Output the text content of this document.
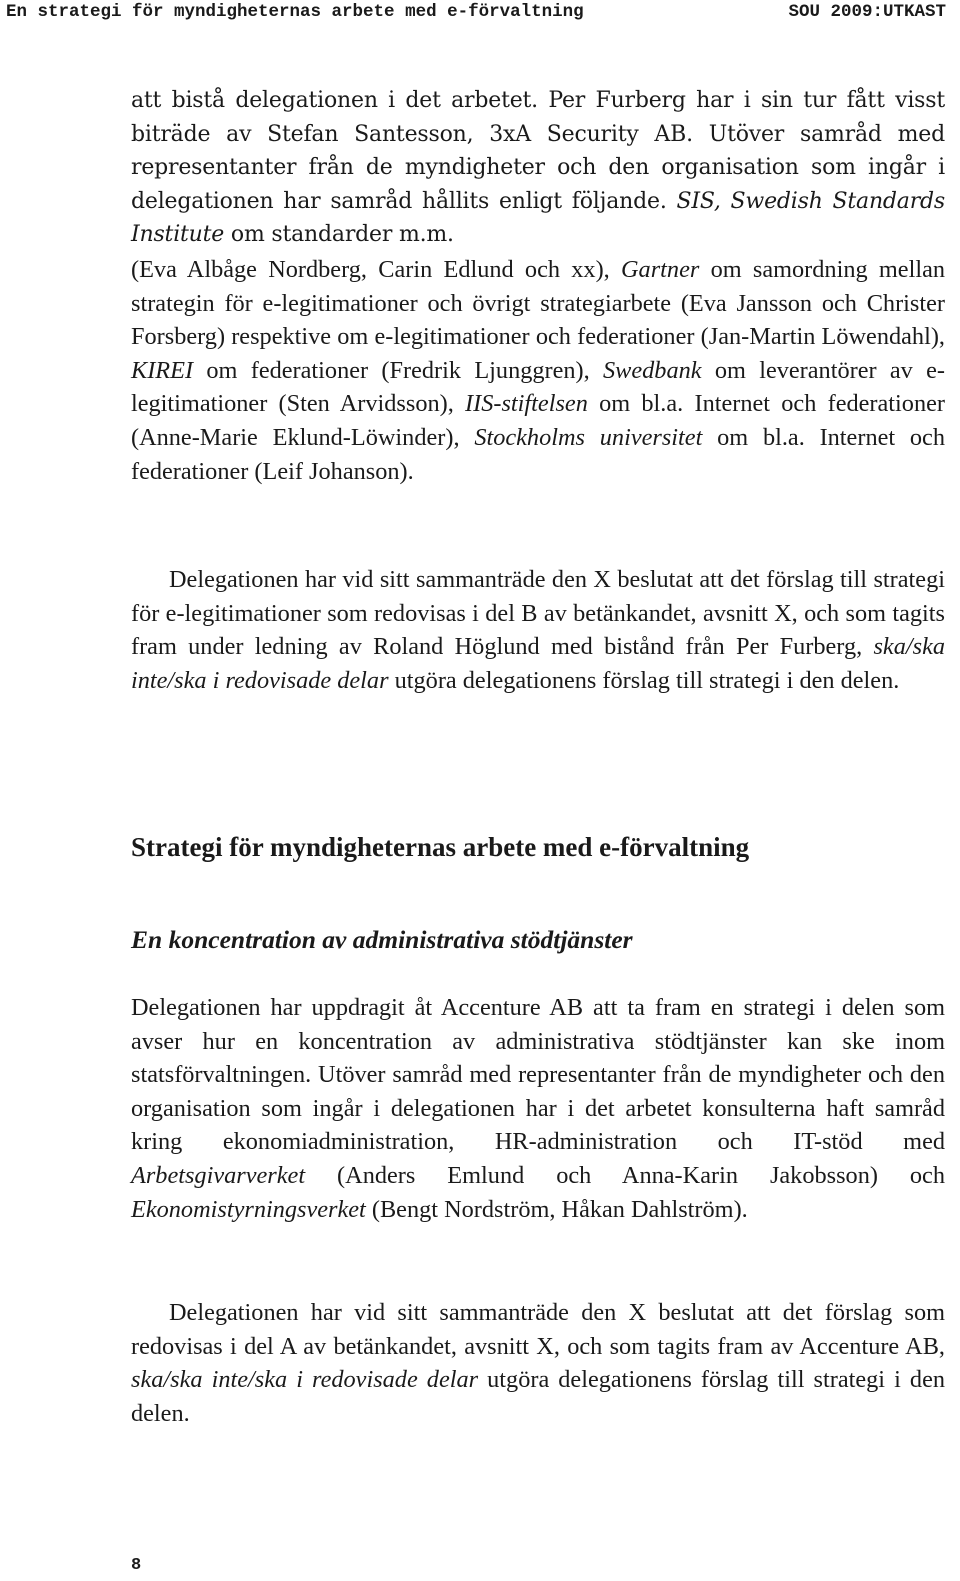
En strategi för myndigheternas arbete med e-förvaltning	SOU 2009:UTKAST

att bistå delegationen i det arbetet. Per Furberg har i sin tur fått visst biträde av Stefan Santesson, 3xA Security AB. Utöver samråd med representanter från de myndigheter och den organisation som ingår i delegationen har samråd hållits enligt följande. SIS, Swedish Standards Institute om standarder m.m.

(Eva Albåge Nordberg, Carin Edlund och xx), Gartner om samordning mellan strategin för e-legitimationer och övrigt strategiarbete (Eva Jansson och Christer Forsberg) respektive om e-legitimationer och federationer (Jan-Martin Löwendahl), KIREI om federationer (Fredrik Ljunggren), Swedbank om leverantörer av e-legitimationer (Sten Arvidsson), IIS-stiftelsen om bl.a. Internet och federationer (Anne-Marie Eklund-Löwinder), Stockholms universitet om bl.a. Internet och federationer (Leif Johanson).

Delegationen har vid sitt sammanträde den X beslutat att det förslag till strategi för e-legitimationer som redovisas i del B av betänkandet, avsnitt X, och som tagits fram under ledning av Roland Höglund med bistånd från Per Furberg, ska/ska inte/ska i redovisade delar utgöra delegationens förslag till strategi i den delen.

Strategi för myndigheternas arbete med e-förvaltning
En koncentration av administrativa stödtjänster

Delegationen har uppdragit åt Accenture AB att ta fram en strategi i delen som avser hur en koncentration av administrativa stödtjänster kan ske inom statsförvaltningen. Utöver samråd med representanter från de myndigheter och den organisation som ingår i delegationen har i det arbetet konsulterna haft samråd kring ekonomiadministration, HR-administration och IT-stöd med Arbetsgivarverket (Anders Emlund och Anna-Karin Jakobsson) och Ekonomistyrningsverket (Bengt Nordström, Håkan Dahlström).

Delegationen har vid sitt sammanträde den X beslutat att det förslag som redovisas i del A av betänkandet, avsnitt X, och som tagits fram av Accenture AB, ska/ska inte/ska i redovisade delar utgöra delegationens förslag till strategi i den delen.

8
